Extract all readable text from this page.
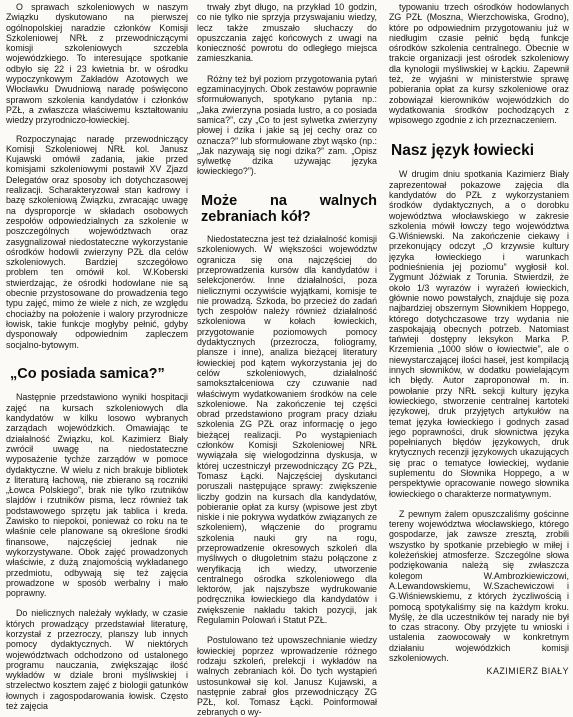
O sprawach szkoleniowych w naszym Związku dyskutowano na pierwszej ogólnopolskiej naradzie członków Komisji Szkoleniowej NRŁ z przewodniczącymi komisji szkoleniowych szczebla wojewódzkiego. To interesujące spotkanie odbyło się 22 i 23 kwietnia br. w ośrodku wypoczynkowym Zakładów Azotowych we Włocławku Dwudniową naradę poświęcono sprawom szkolenia kandydatów i członków PZŁ, a zwłaszcza właściwemu kształtowaniu wiedzy przyrodniczo-łowieckiej.

Rozpoczynając naradę przewodniczący Komisji Szkoleniowej NRŁ kol. Janusz Kujawski omówił zadania, jakie przed komisjami szkoleniowymi postawił XV Zjazd Delegatów oraz sposoby ich dotychczasowej realizacji. Scharakteryzował stan kadrowy i bazę szkoleniową Związku, zwracając uwagę na dysproporcje w składach osobowych zespołów odpowiedzialnych za szkolenie w poszczególnych województwach oraz zasygnalizował niedostateczne wykorzystanie ośrodków hodowli zwierzyny PZŁ dla celów szkoleniowych. Bardziej szczegółowo problem ten omówił kol. W.Koberski stwierdzając, że ośrodki hodowlane nie są obecnie przystosowane do prowadzenia tego typu zajęć, mimo że wiele z nich, ze względu chociażby na położenie i walory przyrodnicze łowisk, takie funkcje mogłyby pełnić, gdyby dysponowały odpowiednim zapleczem socjalno-bytowym.

„Co posiada samica?”

Następnie przedstawiono wyniki hospitacji zajęć na kursach szkoleniowych dla kandydatów w kilku losowo wybranych zarządach wojewódzkich. Omawiając te działalność Związku, kol. Kazimierz Biały zwrócił uwagę na niedostateczne wyposażenie tychże zarządów w pomoce dydaktyczne. W wielu z nich brakuje bibliotek z literaturą łachową, nie zbierano są roczniki „Łowca Polskiego”, brak nie tylko rzutników slajdów i rzutników pisma, lecz również tak podstawowego sprzętu jak tablica i kreda. Zawisko to niepokoi, ponieważ co roku na te właśnie cele planowane są określone środki finansowe, najczęściej jednak nie wykorzystywane. Obok zajęć prowadzonych właściwie, z dużą znajomością wykładanego przedmiotu, odbywają się też zajęcia prowadzone w sposób werbalny i mało poprawny.

Do nielicznych należały wykłady, w czasie których prowadzący przedstawiał literaturę, korzystał z przezroczy, planszy lub innych pomocy dydaktycznych. W niektórych województwach odchodzono od ustalonego programu nauczania, zwiększając ilość wykładów w dziale broni myśliwskiej i strzelectwo kosztem zajęć z biologii gatunków łownych i zagospodarowania łowisk. Często też zajęcia

trwały zbyt długo, na przykład 10 godzin, co nie tylko nie sprzyja przyswajaniu wiedzy, lecz także zmuszało słuchaczy do opuszczania zajęć końcowych z uwagi na konieczność powrotu do odległego miejsca zamieszkania.

Różny też był poziom przygotowania pytań egzaminacyjnych. Obok zestawów poprawnie sformułowanych, spotykano pytania np.: „Jaka zwierzyna posiada lustro, a co posiada samica?”, czy „Co to jest sylwetka zwierzyny płowej i dzika i jakie są jej cechy oraz co oznacza?” lub sformułowane zbyt wąsko (np.: „Jak nazywają się nogi dzika?” zam. „Opisz sylwetkę dzika używając języka łowieckiego?”).

Może na walnych zebraniach kół?

Niedostateczna jest też działalność komisji szkoleniowych. W większości województw ogranicza się ona najczęściej do przeprowadzenia kursów dla kandydatów i selekcjonerów. Inne działalności, poza nielicznymi oczywiście wyjątkami, komisje te nie prowadzą. Szkoda, bo przecież do zadań tych zespołów należy również działalność szkoleniowa w kołach łowieckich, przygotowanie poziomowych pomocy dydaktycznych (przezrocza, foliogramy, plansze i inne), analiza bieżącej literatury łowieckiej pod kątem wykorzystania jej do celów szkoleniowych, działalność samokształceniowa czy czuwanie nad właściwym wydatkowaniem środków na cele szkoleniowe. Na zakończenie tej części obrad przedstawiono program pracy działu szkolenia ZG PZŁ oraz informację o jego bieżącej realizacji. Po wystąpieniach członków Komisji Szkoleniowej NRŁ wywiązała się wielogodzinna dyskusja, w której uczestniczył przewodniczący ZG PZŁ, Tomasz Łącki. Najczęściej dyskutanci poruszali następujące sprawy: zwiększenie liczby godzin na kursach dla kandydatów, pobieranie opłat za kursy (wpisowe jest zbyt niskie i nie pokrywa wydatków związanych ze szkoleniem), włączenie do programu szkolenia nauki gry na rogu, przeprowadzenie okresowych szkoleń dla myśliwych o długoletnim stażu połączone z weryfikacją ich wiedzy, utworzenie centralnego ośrodka szkoleniowego dla lektorów, jak najszybsze wydrukowanie podręcznika łowieckiego dla kandydatów i zwiększenie nakładu takich pozycji, jak Regulamin Polowań i Statut PZŁ.

Postulowano też upowszechnianie wiedzy łowieckiej poprzez wprowadzenie różnego rodzaju szkoleń, prelekcji i wykładów na walnych zebraniach kół. Do tych wystąpień ustosunkował się kol. Janusz Kujawski, a następnie zabrał głos przewodniczący ZG PZŁ, kol. Tomasz Łącki. Poinformował zebranych o wy-

typowaniu trzech ośrodków hodowlanych ZG PZŁ (Moszna, Wierzchowiska, Grodno), które po odpowiednim przygotowaniu już w niedługim czasie pełnić będą funkcje ośrodków szkolenia centralnego. Obecnie w trakcie organizacji jest ośrodek szkoleniowy dla kynologii myśliwskiej w Łąckiu. Zapewnił też, że wyjaśni w ministerstwie sprawę pobierania opłat za kursy szkoleniowe oraz zobowiązał kierowników wojewódzkich do wydatkowania środków pochodzących z wpisowego zgodnie z ich przeznaczeniem.

Nasz język łowiecki

W drugim dniu spotkania Kazimierz Biały zaprezentował pokazowe zajęcia dla kandydatów do PZŁ z wykorzystaniem środków dydaktycznych, a o dorobku województwa włocławskiego w zakresie szkolenia mówił łowczy tego województwa G.Wiśniewski. Na zakończenie ciekawy i przekonujący odczyt „O krzywsie kultury języka łowieckiego i warunkach podnieśnienia jej poziomu” wygłosił kol. Zygmunt Jóźwiak z Torunia. Stwierdził, że około 1/3 wyrazów i wyrażeń łowieckich, głównie nowo powstałych, znajduje się poza najbardziej obszernym Słownikiem Hoppego, którego dotychczasowe trzy wydania nie zaspokajają obecnych potrzeb. Natomiast tańwieji dostępny leksykon Marka P. Krzemienia „1000 słów o łowiectwie”, ale o niewystarczającej ilości haseł, jest kompilacją innych słowników, w dodatku powielającym ich błędy. Autor zaproponował m. in. powołanie przy NRŁ sekcji kultury języka łowieckiego, stworzenie centralnej kartoteki językowej, druk przyjętych artykułów na temat języka łowieckiego i godnych zasad jego poprawności, druk słownictwa języka popełnianych błędów językowych, druk krytycznych recenzji językowych ukazujących się prac o tematyce łowieckiej, wydanie suplementu do Słownika Hoppego, a w perspektywie opracowanie nowego słownika łowieckiego o charakterze normatywnym.

Z pewnym żalem opuszczaliśmy gościnne tereny województwa włocławskiego, którego gospodarze, jak zawsze zresztą, zrobili wszystko by spotkanie przebiegło w miłej i koleżeńskiej atmosferze. Szczególne słowa podziękowania należą się zwłaszcza kolegom W.Ambrozkiewiczowi, A.Lewandowskiemu, W.Szachewiczowi i G.Wiśniewskiemu, z których życzliwością i pomocą spotykaliśmy się na każdym kroku. Myślę, że dla uczestników tej narady nie był to czas stracony. Oby przyjęte tu wnioski i ustalenia zaowocowały w konkretnym działaniu wojewódzkich komisji szkoleniowych.

KAZIMIERZ BIAŁY
